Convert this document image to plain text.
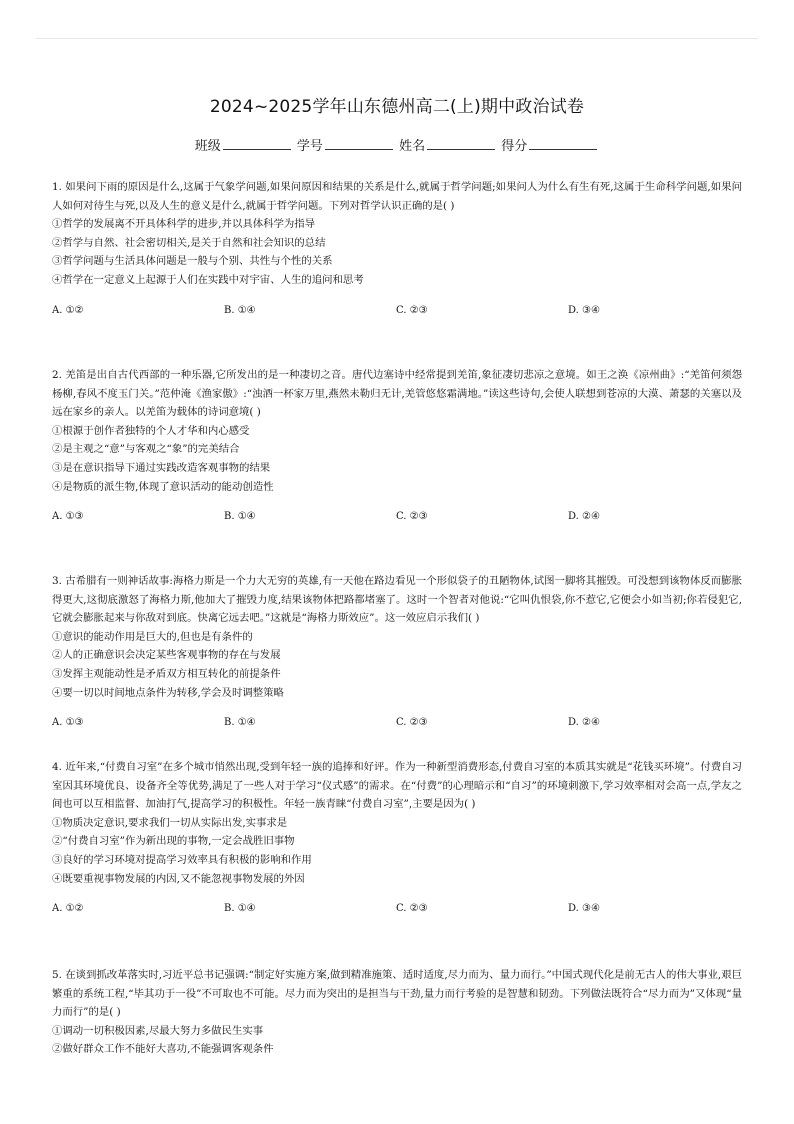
2024~2025学年山东德州高二(上)期中政治试卷
班级	学号	姓名	得分

1. 如果问下雨的原因是什么,这属于气象学问题,如果问原因和结果的关系是什么,就属于哲学问题;如果问人为什么有生有死,这属于生命科学问题,如果问人如何对待生与死,以及人生的意义是什么,就属于哲学问题。下列对哲学认识正确的是( )

①哲学的发展离不开具体科学的进步,并以具体科学为指导

②哲学与自然、社会密切相关,是关于自然和社会知识的总结

③哲学问题与生活具体问题是一般与个别、共性与个性的关系

④哲学在一定意义上起源于人们在实践中对宇宙、人生的追问和思考

A. ①②	B. ①④	C. ②③	D. ③④

2. 羌笛是出自古代西部的一种乐器,它所发出的是一种凄切之音。唐代边塞诗中经常提到羌笛,象征凄切悲凉之意境。如王之涣《凉州曲》:“羌笛何须怨杨柳,春风不度玉门关。”范仲淹《渔家傲》:“浊酒一杯家万里,燕然未勒归无计,羌管悠悠霜满地。”读这些诗句,会使人联想到苍凉的大漠、萧瑟的关塞以及远在家乡的亲人。以羌笛为载体的诗词意境( )

①根源于创作者独特的个人才华和内心感受

②是主观之“意”与客观之“象”的完美结合

③是在意识指导下通过实践改造客观事物的结果

④是物质的派生物,体现了意识活动的能动创造性

A. ①③	B. ①④	C. ②③	D. ②④

3. 古希腊有一则神话故事:海格力斯是一个力大无穷的英雄,有一天他在路边看见一个形似袋子的丑陋物体,试图一脚将其摧毁。可没想到该物体反而膨胀得更大,这彻底激怒了海格力斯,他加大了摧毁力度,结果该物体把路都堵塞了。这时一个智者对他说:“它叫仇恨袋,你不惹它,它便会小如当初;你若侵犯它,它就会膨胀起来与你敌对到底。快离它远去吧。”这就是“海格力斯效应”。这一效应启示我们( )

①意识的能动作用是巨大的,但也是有条件的

②人的正确意识会决定某些客观事物的存在与发展

③发挥主观能动性是矛盾双方相互转化的前提条件

④要一切以时间地点条件为转移,学会及时调整策略

A. ①③	B. ①④	C. ②③	D. ②④

4. 近年来,“付费自习室”在多个城市悄然出现,受到年轻一族的追捧和好评。作为一种新型消费形态,付费自习室的本质其实就是“花钱买环境”。付费自习室因其环境优良、设备齐全等优势,满足了一些人对于学习“仪式感”的需求。在“付费”的心理暗示和“自习”的环境刺激下,学习效率相对会高一点,学友之间也可以互相监督、加油打气,提高学习的积极性。年轻一族青睐“付费自习室”,主要是因为( )

①物质决定意识,要求我们一切从实际出发,实事求是

②“付费自习室”作为新出现的事物,一定会战胜旧事物

③良好的学习环境对提高学习效率具有积极的影响和作用

④既要重视事物发展的内因,又不能忽视事物发展的外因

A. ①②	B. ①④	C. ②③	D. ③④

5. 在谈到抓改革落实时,习近平总书记强调:“制定好实施方案,做到精准施策、适时适度,尽力而为、量力而行。”中国式现代化是前无古人的伟大事业,艰巨繁重的系统工程,“毕其功于一役”不可取也不可能。尽力而为突出的是担当与干劲,量力而行考验的是智慧和韧劲。下列做法既符合“尽力而为”又体现“量力而行”的是( )

①调动一切积极因素,尽最大努力多做民生实事

②做好群众工作不能好大喜功,不能强调客观条件
